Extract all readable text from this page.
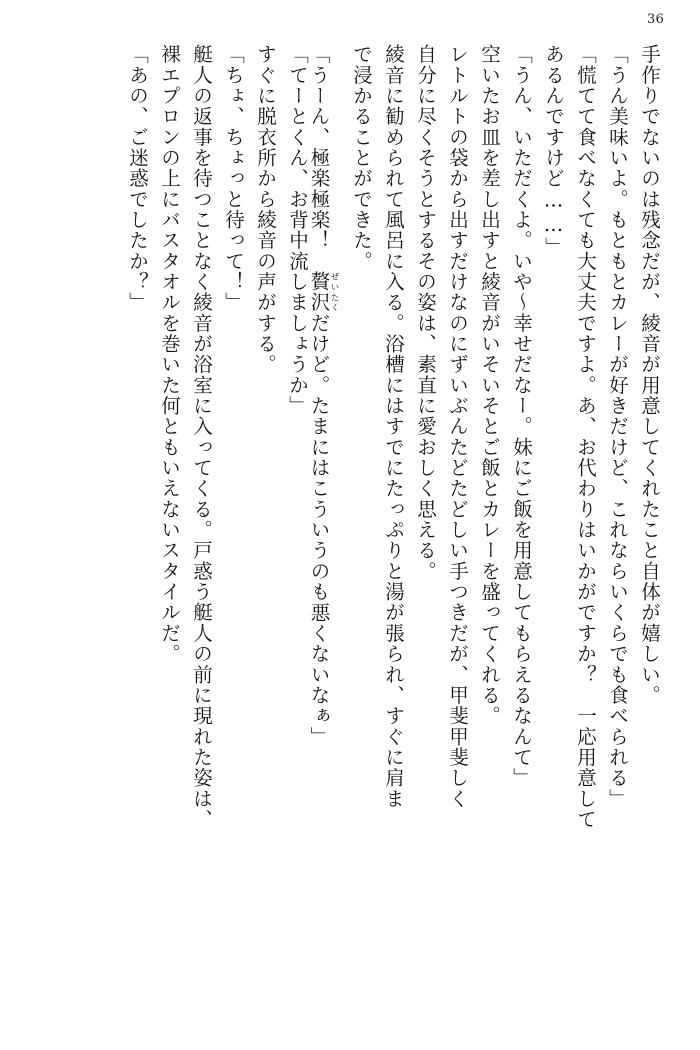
36
手作りでないのは残念だが、綾音が用意してくれたこと自体が嬉しい。
「うん美味いよ。もともとカレーが好きだけど、これならいくらでも食べられる」
「慌てて食べなくても大丈夫ですよ。あ、お代わりはいかがですか？　一応用意して
あるんですけど……」
「うん、いただくよ。いや～幸せだなー。妹にご飯を用意してもらえるなんて」
空いたお皿を差し出すと綾音がいそいそとご飯とカレーを盛ってくれる。
レトルトの袋から出すだけなのにずいぶんたどたどしい手つきだが、甲斐甲斐しく
自分に尽くそうとするその姿は、素直に愛おしく思える。
綾音に勧められて風呂に入る。浴槽にはすでにたっぷりと湯が張られ、すぐに肩ま
で浸かることができた。
「うーん、極楽極楽！　贅沢ぜいたくだけど。たまにはこういうのも悪くないなぁ」
「てーとくん、お背中流しましょうか」
すぐに脱衣所から綾音の声がする。
「ちょ、ちょっと待って！」
艇人の返事を待つことなく綾音が浴室に入ってくる。戸惑う艇人の前に現れた姿は、
裸エプロンの上にバスタオルを巻いた何ともいえないスタイルだ。
「あの、ご迷惑でしたか？」
